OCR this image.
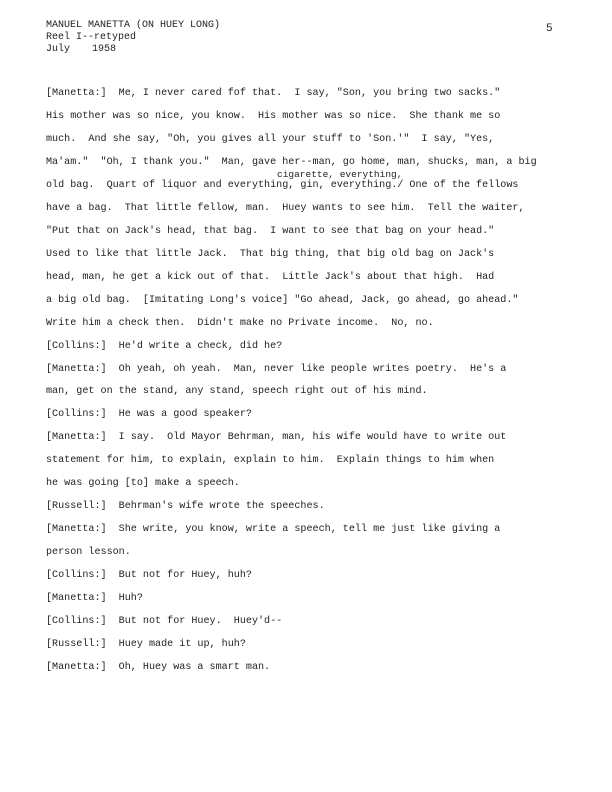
MANUEL MANETTA (ON HUEY LONG)
Reel I--retyped
July 1958
5
cigarette, everything,
[Manetta:]  Me, I never cared fof that.  I say, "Son, you bring two sacks."
His mother was so nice, you know.  His mother was so nice.  She thank me so
much.  And she say, "Oh, you gives all your stuff to 'Son.'"  I say, "Yes,
Ma'am."  "Oh, I thank you."  Man, gave her--man, go home, man, shucks, man, a big
old bag.  Quart of liquor and everything, gin, everything./ One of the fellows
have a bag.  That little fellow, man.  Huey wants to see him.  Tell the waiter,
"Put that on Jack's head, that bag.  I want to see that bag on your head."
Used to like that little Jack.  That big thing, that big old bag on Jack's
head, man, he get a kick out of that.  Little Jack's about that high.  Had
a big old bag.  [Imitating Long's voice] "Go ahead, Jack, go ahead, go ahead."
Write him a check then.  Didn't make no Private income.  No, no.
[Collins:]  He'd write a check, did he?
[Manetta:]  Oh yeah, oh yeah.  Man, never like people writes poetry.  He's a
man, get on the stand, any stand, speech right out of his mind.
[Collins:]  He was a good speaker?
[Manetta:]  I say.  Old Mayor Behrman, man, his wife would have to write out
statement for him, to explain, explain to him.  Explain things to him when
he was going [to] make a speech.
[Russell:]  Behrman's wife wrote the speeches.
[Manetta:]  She write, you know, write a speech, tell me just like giving a
person lesson.
[Collins:]  But not for Huey, huh?
[Manetta:]  Huh?
[Collins:]  But not for Huey.  Huey'd--
[Russell:]  Huey made it up, huh?
[Manetta:]  Oh, Huey was a smart man.
